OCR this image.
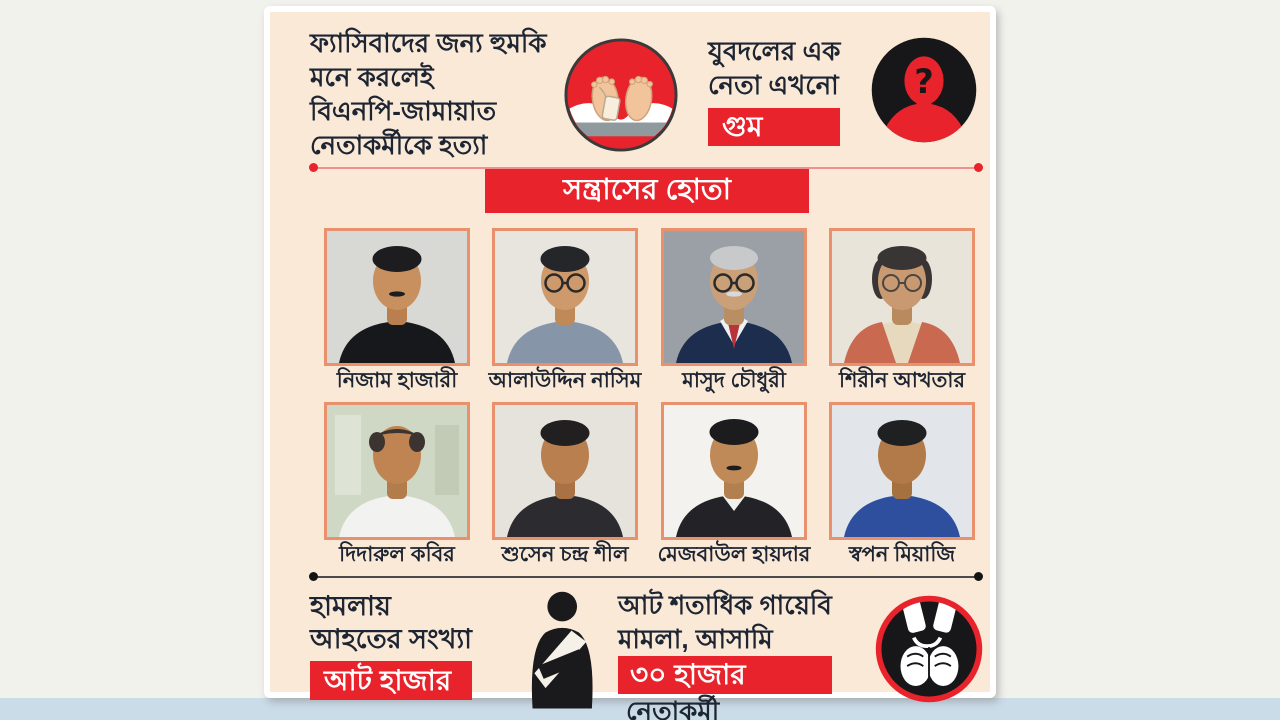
ফ্যাসিবাদের জন্য হুমকি
মনে করলেই
বিএনপি-জামায়াত
নেতাকর্মীকে হত্যা
যুবদলের এক
নেতা এখনো
গুম
?
সন্ত্রাসের হোতা
নিজাম হাজারী	আলাউদ্দিন নাসিম	মাসুদ চৌধুরী	শিরীন আখতার
দিদারুল কবির	শুসেন চন্দ্র শীল	মেজবাউল হায়দার	স্বপন মিয়াজি
হামলায়
আহতের সংখ্যা
আট হাজার
আট শতাধিক গায়েবি
মামলা, আসামি
৩০ হাজার
নেতাকর্মী
